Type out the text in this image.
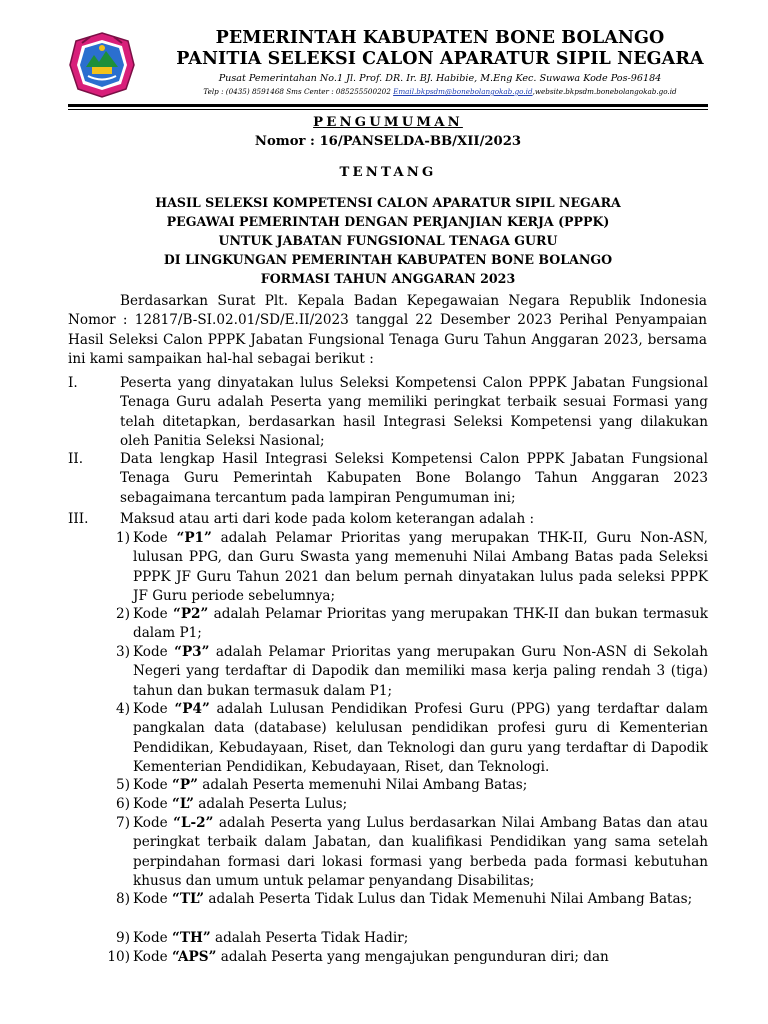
PEMERINTAH KABUPATEN BONE BOLANGO
PANITIA SELEKSI CALON APARATUR SIPIL NEGARA
Pusat Pemerintahan No.1 Jl. Prof. DR. Ir. BJ. Habibie, M.Eng Kec. Suwawa Kode Pos-96184
Telp : (0435) 8591468 Sms Center : 085255500202 Email.bkpsdm@bonebolangokab.go.id,website.bkpsdm.bonebolangokab.go.id
PENGUMUMAN
Nomor : 16/PANSELDA-BB/XII/2023
TENTANG
HASIL SELEKSI KOMPETENSI CALON APARATUR SIPIL NEGARA
PEGAWAI PEMERINTAH DENGAN PERJANJIAN KERJA (PPPK)
UNTUK JABATAN FUNGSIONAL TENAGA GURU
DI LINGKUNGAN PEMERINTAH KABUPATEN BONE BOLANGO
FORMASI TAHUN ANGGARAN 2023
Berdasarkan Surat Plt. Kepala Badan Kepegawaian Negara Republik Indonesia Nomor : 12817/B-SI.02.01/SD/E.II/2023 tanggal 22 Desember 2023 Perihal Penyampaian Hasil Seleksi Calon PPPK Jabatan Fungsional Tenaga Guru Tahun Anggaran 2023, bersama ini kami sampaikan hal-hal sebagai berikut :
I.	Peserta yang dinyatakan lulus Seleksi Kompetensi Calon PPPK Jabatan Fungsional Tenaga Guru adalah Peserta yang memiliki peringkat terbaik sesuai Formasi yang telah ditetapkan, berdasarkan hasil Integrasi Seleksi Kompetensi yang dilakukan oleh Panitia Seleksi Nasional;
II.	Data lengkap Hasil Integrasi Seleksi Kompetensi Calon PPPK Jabatan Fungsional Tenaga Guru Pemerintah Kabupaten Bone Bolango Tahun Anggaran 2023 sebagaimana tercantum pada lampiran Pengumuman ini;
III. Maksud atau arti dari kode pada kolom keterangan adalah :
1) Kode “P1” adalah Pelamar Prioritas yang merupakan THK-II, Guru Non-ASN, lulusan PPG, dan Guru Swasta yang memenuhi Nilai Ambang Batas pada Seleksi PPPK JF Guru Tahun 2021 dan belum pernah dinyatakan lulus pada seleksi PPPK JF Guru periode sebelumnya;
2) Kode “P2” adalah Pelamar Prioritas yang merupakan THK-II dan bukan termasuk dalam P1;
3) Kode “P3” adalah Pelamar Prioritas yang merupakan Guru Non-ASN di Sekolah Negeri yang terdaftar di Dapodik dan memiliki masa kerja paling rendah 3 (tiga) tahun dan bukan termasuk dalam P1;
4) Kode “P4” adalah Lulusan Pendidikan Profesi Guru (PPG) yang terdaftar dalam pangkalan data (database) kelulusan pendidikan profesi guru di Kementerian Pendidikan, Kebudayaan, Riset, dan Teknologi dan guru yang terdaftar di Dapodik Kementerian Pendidikan, Kebudayaan, Riset, dan Teknologi.
5) Kode “P” adalah Peserta memenuhi Nilai Ambang Batas;
6) Kode “L” adalah Peserta Lulus;
7) Kode “L-2” adalah Peserta yang Lulus berdasarkan Nilai Ambang Batas dan atau peringkat terbaik dalam Jabatan, dan kualifikasi Pendidikan yang sama setelah perpindahan formasi dari lokasi formasi yang berbeda pada formasi kebutuhan khusus dan umum untuk pelamar penyandang Disabilitas;
8) Kode “TL” adalah Peserta Tidak Lulus dan Tidak Memenuhi Nilai Ambang Batas;
9) Kode “TH” adalah Peserta Tidak Hadir;
10) Kode “APS” adalah Peserta yang mengajukan pengunduran diri; dan
